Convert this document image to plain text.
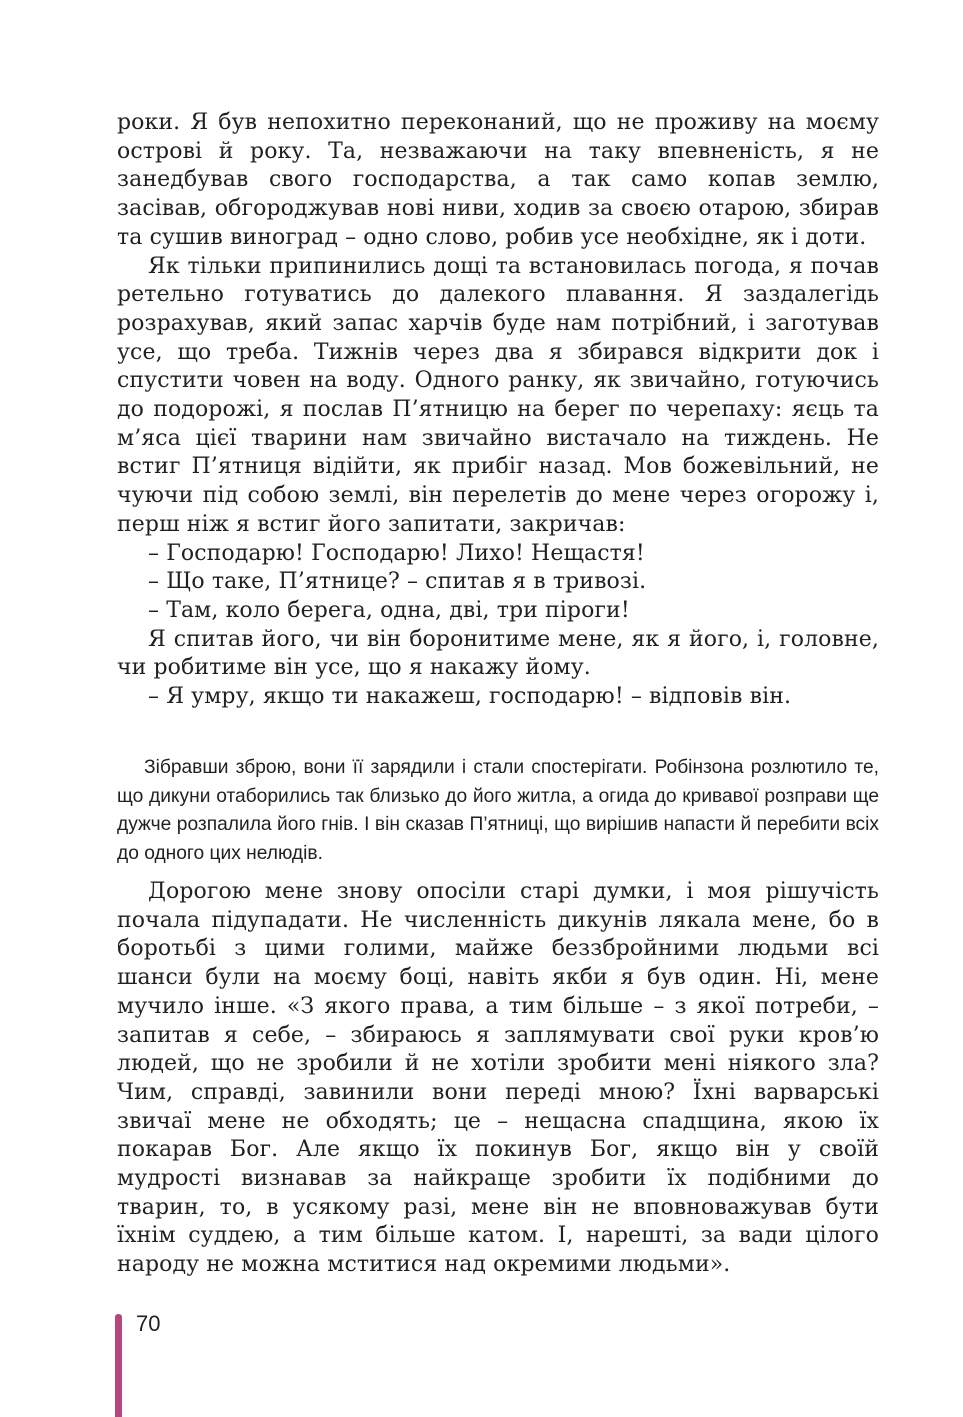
роки. Я був непохитно переконаний, що не проживу на моєму острові й року. Та, незважаючи на таку впевненість, я не занедбував свого господарства, а так само копав землю, засівав, обгороджував нові ниви, ходив за своєю отарою, збирав та сушив виноград – одно слово, робив усе необхідне, як і доти.

Як тільки припинились дощі та встановилась погода, я почав ретельно готуватись до далекого плавання. Я заздалегідь розрахував, який запас харчів буде нам потрібний, і заготував усе, що треба. Тижнів через два я збирався відкрити док і спустити човен на воду. Одного ранку, як звичайно, готуючись до подорожі, я послав П’ятницю на берег по черепаху: яєць та м’яса цієї тварини нам звичайно вистачало на тиждень. Не встиг П’ятниця відійти, як прибіг назад. Мов божевільний, не чуючи під собою землі, він перелетів до мене через огорожу і, перш ніж я встиг його запитати, закричав:

– Господарю! Господарю! Лихо! Нещастя!

– Що таке, П’ятнице? – спитав я в тривозі.

– Там, коло берега, одна, дві, три піроги!

Я спитав його, чи він боронитиме мене, як я його, і, головне, чи робитиме він усе, що я накажу йому.

– Я умру, якщо ти накажеш, господарю! – відповів він.

Зібравши зброю, вони її зарядили і стали спостерігати. Робінзона розлютило те, що дикуни отаборились так близько до його житла, а огида до кривавої розправи ще дужче розпалила його гнів. І він сказав П’ятниці, що вирішив напасти й перебити всіх до одного цих нелюдів.

Дорогою мене знову опосіли старі думки, і моя рішучість почала підупадати. Не численність дикунів лякала мене, бо в боротьбі з цими голими, майже беззбройними людьми всі шанси були на моєму боці, навіть якби я був один. Ні, мене мучило інше. «З якого права, а тим більше – з якої потреби, – запитав я себе, – збираюсь я заплямувати свої руки кров’ю людей, що не зробили й не хотіли зробити мені ніякого зла? Чим, справді, завинили вони переді мною? Їхні варварські звичаї мене не обходять; це – нещасна спадщина, якою їх покарав Бог. Але якщо їх покинув Бог, якщо він у своїй мудрості визнавав за найкраще зробити їх подібними до тварин, то, в усякому разі, мене він не вповноважував бути їхнім суддею, а тим більше катом. І, нарешті, за вади цілого народу не можна мститися над окремими людьми».

70
